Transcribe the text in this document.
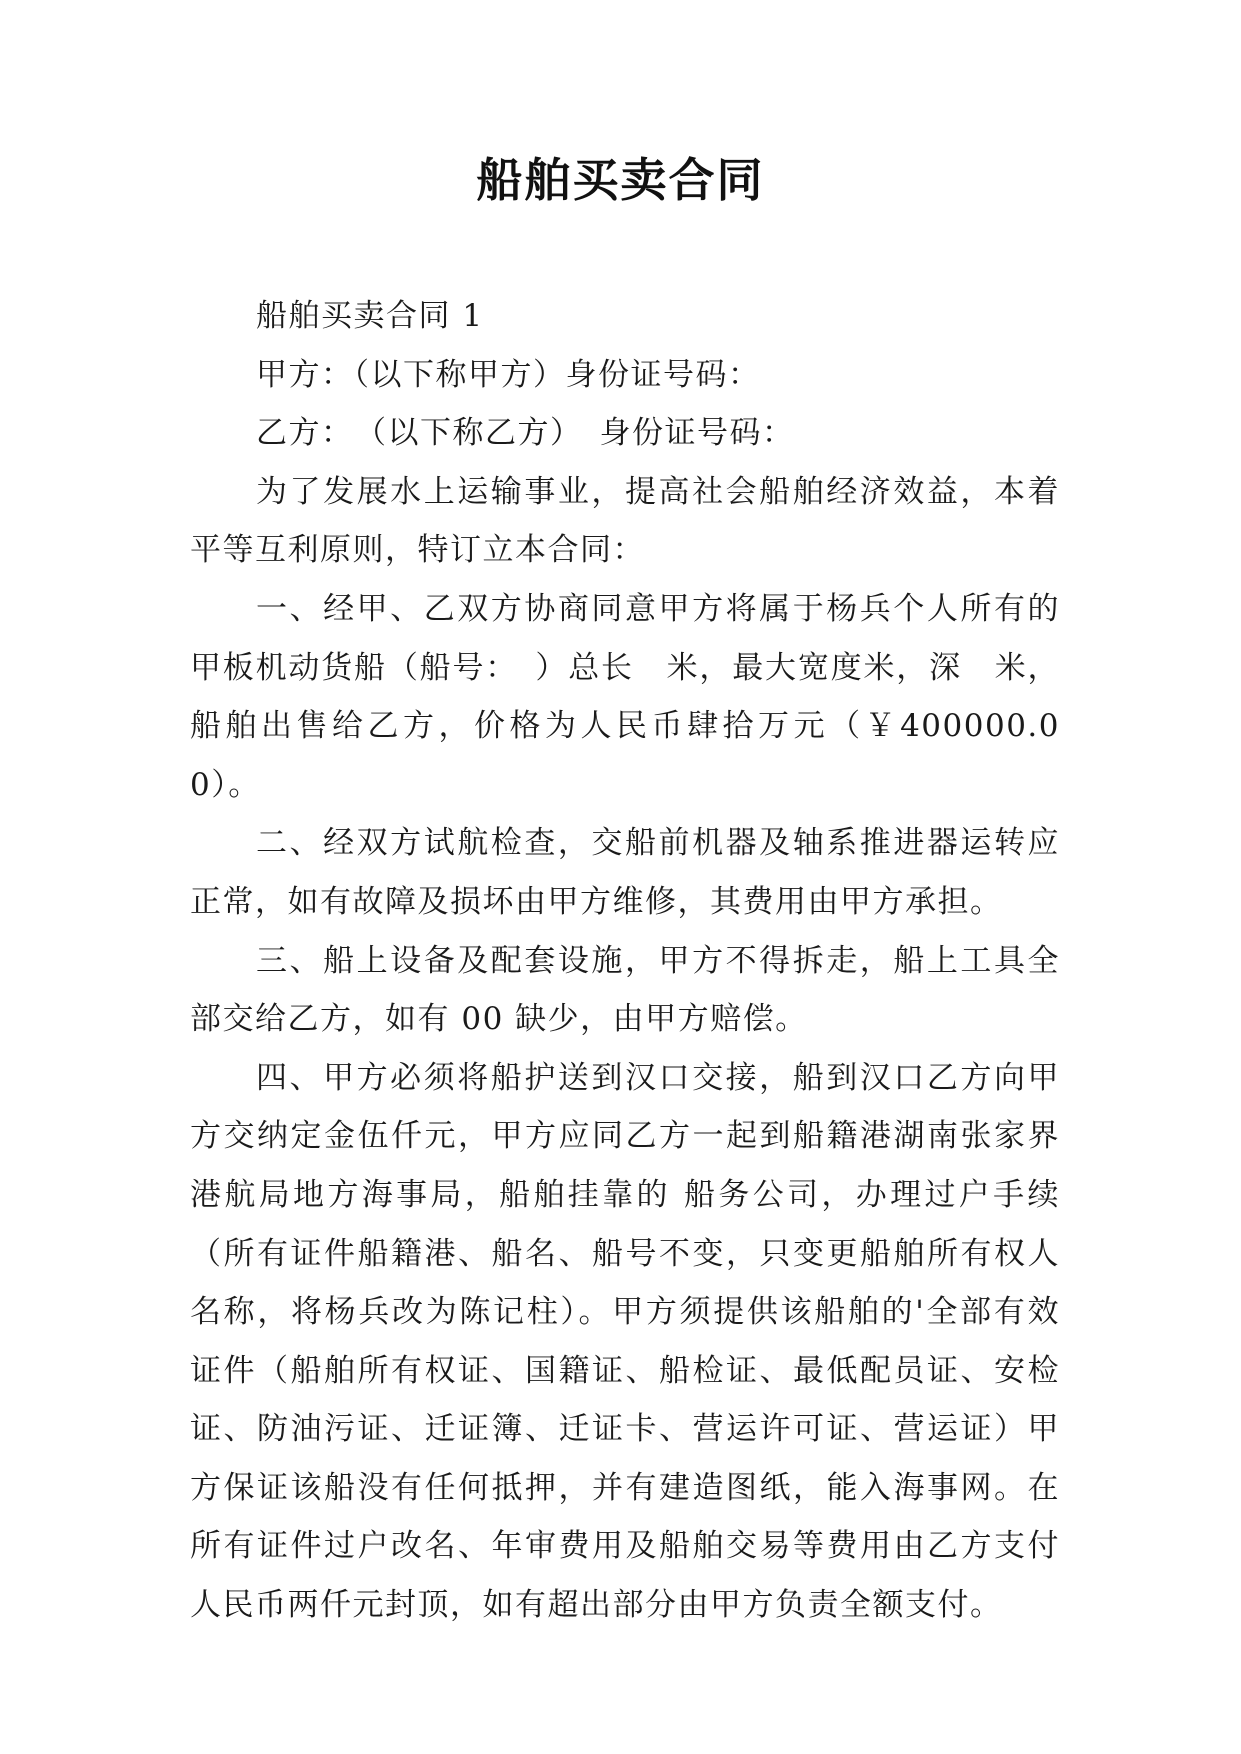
船舶买卖合同

船舶买卖合同 1

甲方：（以下称甲方）身份证号码：

乙方：　（以下称乙方）　身份证号码：

为了发展水上运输事业，提高社会船舶经济效益，本着平等互利原则，特订立本合同：

一、经甲、乙双方协商同意甲方将属于杨兵个人所有的甲板机动货船（船号：　）总长　米，最大宽度米，深　米，船舶出售给乙方，价格为人民币肆拾万元（￥400000.00）。

二、经双方试航检查，交船前机器及轴系推进器运转应正常，如有故障及损坏由甲方维修，其费用由甲方承担。

三、船上设备及配套设施，甲方不得拆走，船上工具全部交给乙方，如有 00 缺少，由甲方赔偿。

四、甲方必须将船护送到汉口交接，船到汉口乙方向甲方交纳定金伍仟元，甲方应同乙方一起到船籍港湖南张家界港航局地方海事局，船舶挂靠的 船务公司，办理过户手续（所有证件船籍港、船名、船号不变，只变更船舶所有权人名称，将杨兵改为陈记柱）。甲方须提供该船舶的'全部有效证件（船舶所有权证、国籍证、船检证、最低配员证、安检证、防油污证、迁证簿、迁证卡、营运许可证、营运证）甲方保证该船没有任何抵押，并有建造图纸，能入海事网。在所有证件过户改名、年审费用及船舶交易等费用由乙方支付人民币两仟元封顶，如有超出部分由甲方负责全额支付。
